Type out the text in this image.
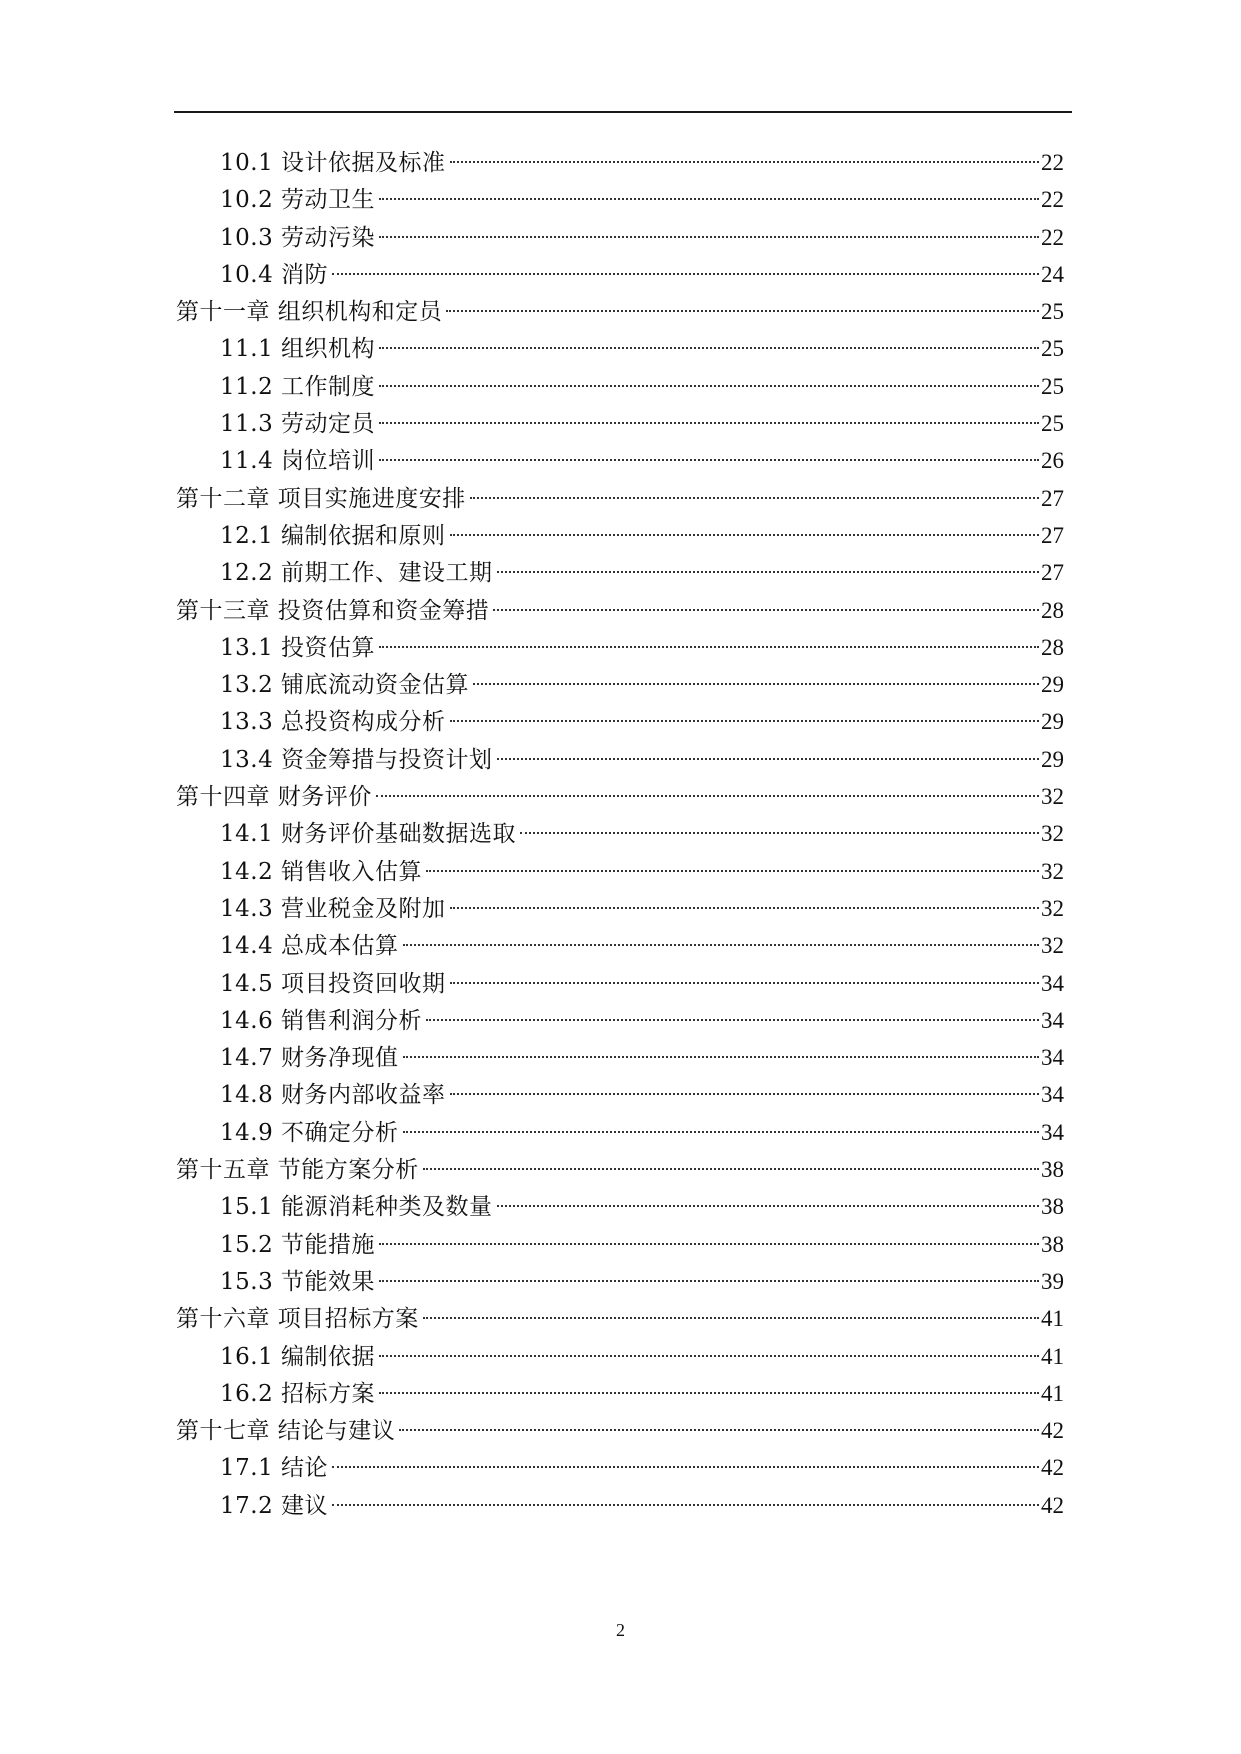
10.1 设计依据及标准	22
10.2 劳动卫生	22
10.3 劳动污染	22
10.4 消防	24
第十一章 组织机构和定员	25
11.1 组织机构	25
11.2 工作制度	25
11.3 劳动定员	25
11.4 岗位培训	26
第十二章 项目实施进度安排	27
12.1 编制依据和原则	27
12.2 前期工作、建设工期	27
第十三章 投资估算和资金筹措	28
13.1 投资估算	28
13.2 铺底流动资金估算	29
13.3 总投资构成分析	29
13.4 资金筹措与投资计划	29
第十四章 财务评价	32
14.1 财务评价基础数据选取	32
14.2 销售收入估算	32
14.3 营业税金及附加	32
14.4 总成本估算	32
14.5 项目投资回收期	34
14.6 销售利润分析	34
14.7 财务净现值	34
14.8 财务内部收益率	34
14.9 不确定分析	34
第十五章 节能方案分析	38
15.1 能源消耗种类及数量	38
15.2 节能措施	38
15.3 节能效果	39
第十六章 项目招标方案	41
16.1 编制依据	41
16.2 招标方案	41
第十七章 结论与建议	42
17.1 结论	42
17.2 建议	42
2
